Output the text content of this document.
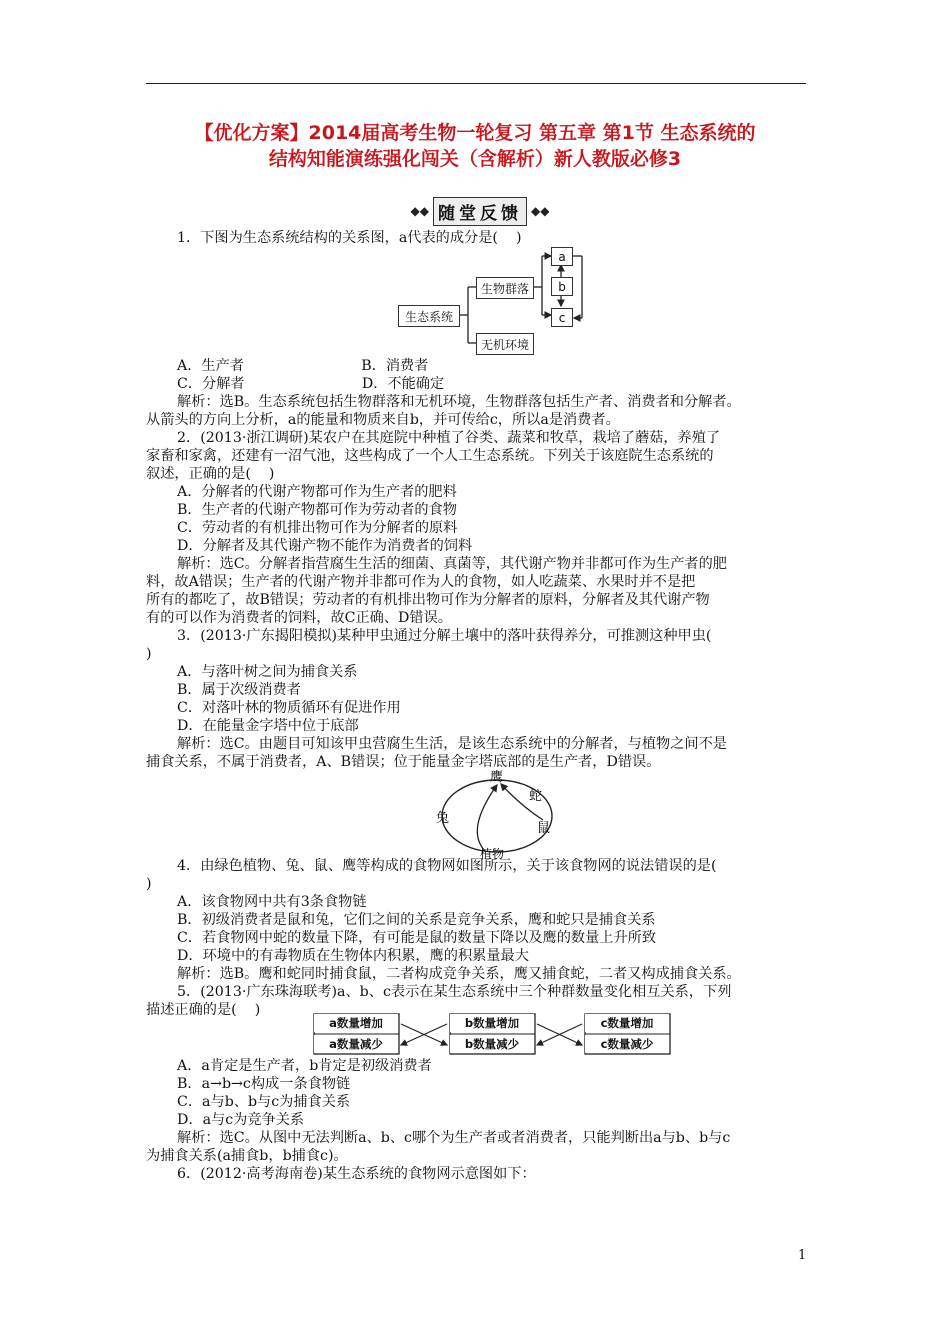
【优化方案】2014届高考生物一轮复习 第五章 第1节 生态系统的
结构知能演练强化闯关（含解析）新人教版必修3
◆◆ 随堂反馈 ◆◆
1．下图为生态系统结构的关系图，a代表的成分是(    )
生态系统
生物群落
无机环境
a
b
c
A．生产者                          B．消费者
C．分解者                          D．不能确定
解析：选B。生态系统包括生物群落和无机环境，生物群落包括生产者、消费者和分解者。
从箭头的方向上分析，a的能量和物质来自b，并可传给c，所以a是消费者。
2．(2013·浙江调研)某农户在其庭院中种植了谷类、蔬菜和牧草，栽培了蘑菇，养殖了
家畜和家禽，还建有一沼气池，这些构成了一个人工生态系统。下列关于该庭院生态系统的
叙述，正确的是(    )
A．分解者的代谢产物都可作为生产者的肥料
B．生产者的代谢产物都可作为劳动者的食物
C．劳动者的有机排出物可作为分解者的原料
D．分解者及其代谢产物不能作为消费者的饲料
解析：选C。分解者指营腐生生活的细菌、真菌等，其代谢产物并非都可作为生产者的肥
料，故A错误；生产者的代谢产物并非都可作为人的食物，如人吃蔬菜、水果时并不是把
所有的都吃了，故B错误；劳动者的有机排出物可作为分解者的原料，分解者及其代谢产物
有的可以作为消费者的饲料，故C正确、D错误。
3．(2013·广东揭阳模拟)某种甲虫通过分解土壤中的落叶获得养分，可推测这种甲虫(
)
A．与落叶树之间为捕食关系
B．属于次级消费者
C．对落叶林的物质循环有促进作用
D．在能量金字塔中位于底部
解析：选C。由题目可知该甲虫营腐生生活，是该生态系统中的分解者，与植物之间不是
捕食关系，不属于消费者，A、B错误；位于能量金字塔底部的是生产者，D错误。
鹰
蛇
兔
鼠
植物
4．由绿色植物、兔、鼠、鹰等构成的食物网如图所示，关于该食物网的说法错误的是(
)
A．该食物网中共有3条食物链
B．初级消费者是鼠和兔，它们之间的关系是竞争关系，鹰和蛇只是捕食关系
C．若食物网中蛇的数量下降，有可能是鼠的数量下降以及鹰的数量上升所致
D．环境中的有毒物质在生物体内积累，鹰的积累量最大
解析：选B。鹰和蛇同时捕食鼠，二者构成竞争关系，鹰又捕食蛇，二者又构成捕食关系。
5．(2013·广东珠海联考)a、b、c表示在某生态系统中三个种群数量变化相互关系，下列
描述正确的是(    )
a数量增加
a数量减少
b数量增加
b数量减少
c数量增加
c数量减少
A．a肯定是生产者，b肯定是初级消费者
B．a→b→c构成一条食物链
C．a与b、b与c为捕食关系
D．a与c为竞争关系
解析：选C。从图中无法判断a、b、c哪个为生产者或者消费者，只能判断出a与b、b与c
为捕食关系(a捕食b，b捕食c)。
6．(2012·高考海南卷)某生态系统的食物网示意图如下：
1
